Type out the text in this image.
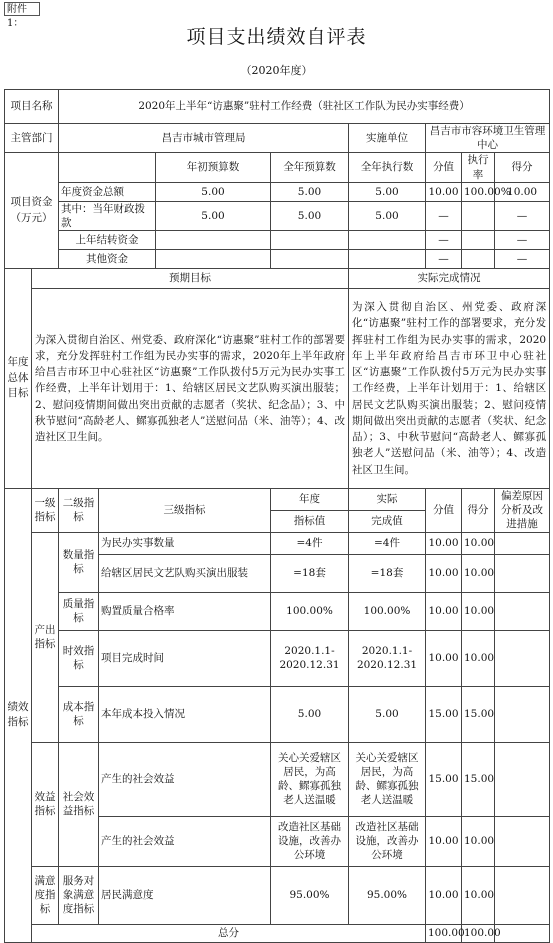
附件1：
项目支出绩效自评表
（2020年度）
项目名称		2020年上半年“访惠聚”驻村工作经费（驻社区工作队为民办实事经费）							
主管部门		昌吉市城市管理局				实施单位	昌吉市市容环境卫生管理中心		
项目资金（万元）				年初预算数	全年预算数	全年执行数	分值	执行率	得分
		年度资金总额		5.00	5.00	5.00	10.00	100.00%	10.00
		其中：当年财政拨款		5.00	5.00	5.00	—		—
		上年结转资金					—		—
		其他资金					—		—
年度总体目标	预期目标					实际完成情况			
	为深入贯彻自治区、州党委、政府深化“访惠聚”驻村工作的部署要求，充分发挥驻村工作组为民办实事的需求，2020年上半年政府给昌吉市环卫中心驻社区“访惠聚”工作队拨付5万元为民办实事工作经费，上半年计划用于：1、给辖区居民文艺队购买演出服装；2、慰问疫情期间做出突出贡献的志愿者（奖状、纪念品）；3、中秋节慰问“高龄老人、鳏寡孤独老人”送慰问品（米、油等）；4、改造社区卫生间。					为深入贯彻自治区、州党委、政府深化“访惠聚”驻村工作的部署要求，充分发挥驻村工作组为民办实事的需求，2020年上半年政府给昌吉市环卫中心驻社区“访惠聚”工作队拨付5万元为民办实事工作经费，上半年计划用于：1、给辖区居民文艺队购买演出服装；2、慰问疫情期间做出突出贡献的志愿者（奖状、纪念品）；3、中秋节慰问“高龄老人、鳏寡孤独老人”送慰问品（米、油等）；4、改造社区卫生间。			
绩效指标	一级指标	二级指标	三级指标		年度	实际	分值	得分	偏差原因分析及改进措施
					指标值	完成值			
	产出指标	数量指标	为民办实事数量		=4件	=4件	10.00	10.00	
			给辖区居民文艺队购买演出服装		=18套	=18套	10.00	10.00	
		质量指标	购置质量合格率		100.00%	100.00%	10.00	10.00	
		时效指标	项目完成时间		2020.1.1-2020.12.31	2020.1.1-2020.12.31	10.00	10.00	
		成本指标	本年成本投入情况		5.00	5.00	15.00	15.00	
	效益指标	社会效益指标	产生的社会效益		关心关爱辖区居民，为高龄、鳏寡孤独老人送温暖	关心关爱辖区居民，为高龄、鳏寡孤独老人送温暖	15.00	15.00	
			产生的社会效益		改造社区基础设施，改善办公环境	改造社区基础设施，改善办公环境	10.00	10.00	
	满意度指标	服务对象满意度指标	居民满意度		95.00%	95.00%	10.00	10.00	
	总分						100.00	100.00	
